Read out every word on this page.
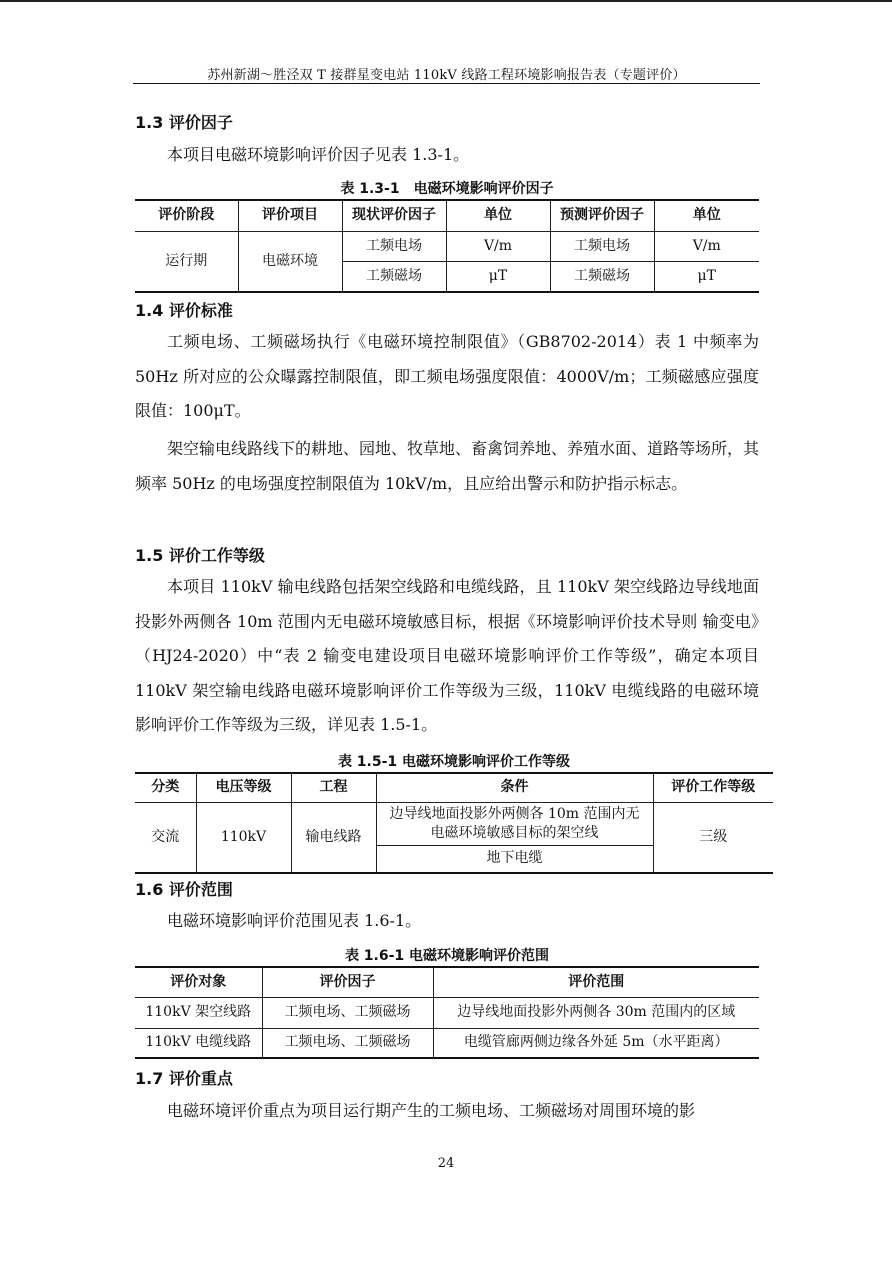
苏州新湖～胜泾双 T 接群星变电站 110kV 线路工程环境影响报告表（专题评价）
1.3 评价因子

本项目电磁环境影响评价因子见表 1.3-1。

表 1.3-1　电磁环境影响评价因子
评价阶段	评价项目	现状评价因子	单位	预测评价因子	单位
运行期	电磁环境	工频电场	V/m	工频电场	V/m
		工频磁场	μT	工频磁场	μT
1.4 评价标准

工频电场、工频磁场执行《电磁环境控制限值》（GB8702-2014）表 1 中频率为 50Hz 所对应的公众曝露控制限值，即工频电场强度限值：4000V/m；工频磁感应强度限值：100μT。

架空输电线路线下的耕地、园地、牧草地、畜禽饲养地、养殖水面、道路等场所，其频率 50Hz 的电场强度控制限值为 10kV/m，且应给出警示和防护指示标志。

1.5 评价工作等级

本项目 110kV 输电线路包括架空线路和电缆线路，且 110kV 架空线路边导线地面投影外两侧各 10m 范围内无电磁环境敏感目标，根据《环境影响评价技术导则 输变电》（HJ24-2020）中“表 2 输变电建设项目电磁环境影响评价工作等级”，确定本项目 110kV 架空输电线路电磁环境影响评价工作等级为三级，110kV 电缆线路的电磁环境影响评价工作等级为三级，详见表 1.5-1。

表 1.5-1 电磁环境影响评价工作等级
分类	电压等级	工程	条件	评价工作等级
交流	110kV	输电线路	边导线地面投影外两侧各 10m 范围内无电磁环境敏感目标的架空线	三级
			地下电缆	
1.6 评价范围

电磁环境影响评价范围见表 1.6-1。

表 1.6-1 电磁环境影响评价范围
评价对象	评价因子	评价范围
110kV 架空线路	工频电场、工频磁场	边导线地面投影外两侧各 30m 范围内的区域
110kV 电缆线路	工频电场、工频磁场	电缆管廊两侧边缘各外延 5m（水平距离）
1.7 评价重点

电磁环境评价重点为项目运行期产生的工频电场、工频磁场对周围环境的影

24
